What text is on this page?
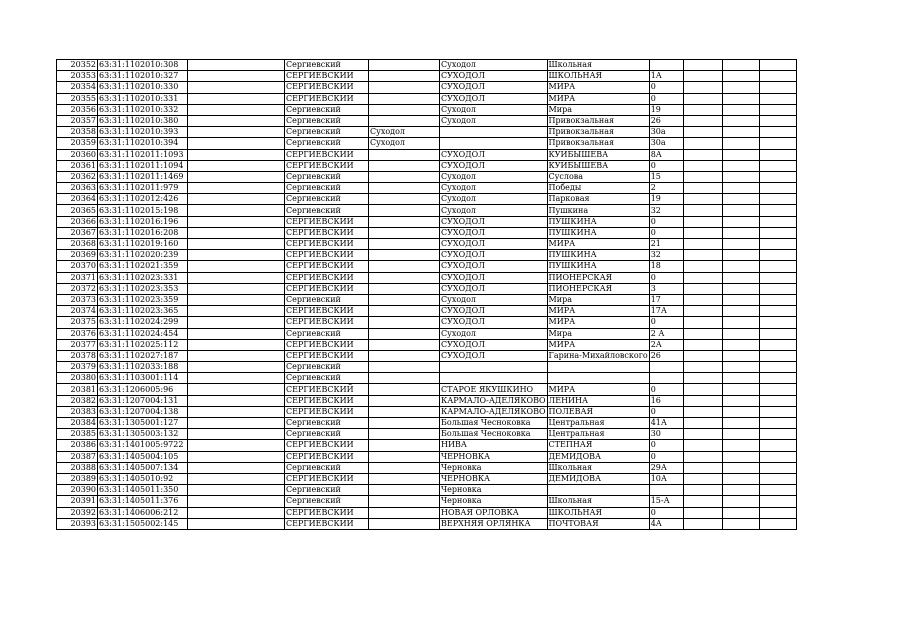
20352	63:31:1102010:308		Сергиевский		Суходол	Школьная				
20353	63:31:1102010:327		СЕРГИЕВСКИЙ		СУХОДОЛ	ШКОЛЬНАЯ	1А			
20354	63:31:1102010:330		СЕРГИЕВСКИЙ		СУХОДОЛ	МИРА	0			
20355	63:31:1102010:331		СЕРГИЕВСКИЙ		СУХОДОЛ	МИРА	0			
20356	63:31:1102010:332		Сергиевский		Суходол	Мира	19			
20357	63:31:1102010:380		Сергиевский		Суходол	Привокзальная	26			
20358	63:31:1102010:393		Сергиевский	Суходол		Привокзальная	30а			
20359	63:31:1102010:394		Сергиевский	Суходол		Привокзальная	30а			
20360	63:31:1102011:1093		СЕРГИЕВСКИЙ		СУХОДОЛ	КУЙБЫШЕВА	8А			
20361	63:31:1102011:1094		СЕРГИЕВСКИЙ		СУХОДОЛ	КУЙБЫШЕВА	0			
20362	63:31:1102011:1469		Сергиевский		Суходол	Суслова	15			
20363	63:31:1102011:979		Сергиевский		Суходол	Победы	2			
20364	63:31:1102012:426		Сергиевский		Суходол	Парковая	19			
20365	63:31:1102015:198		Сергиевский		Суходол	Пушкина	32			
20366	63:31:1102016:196		СЕРГИЕВСКИЙ		СУХОДОЛ	ПУШКИНА	0			
20367	63:31:1102016:208		СЕРГИЕВСКИЙ		СУХОДОЛ	ПУШКИНА	0			
20368	63:31:1102019:160		СЕРГИЕВСКИЙ		СУХОДОЛ	МИРА	21			
20369	63:31:1102020:239		СЕРГИЕВСКИЙ		СУХОДОЛ	ПУШКИНА	32			
20370	63:31:1102021:359		СЕРГИЕВСКИЙ		СУХОДОЛ	ПУШКИНА	18			
20371	63:31:1102023:331		СЕРГИЕВСКИЙ		СУХОДОЛ	ПИОНЕРСКАЯ	0			
20372	63:31:1102023:353		СЕРГИЕВСКИЙ		СУХОДОЛ	ПИОНЕРСКАЯ	3			
20373	63:31:1102023:359		Сергиевский		Суходол	Мира	17			
20374	63:31:1102023:365		СЕРГИЕВСКИЙ		СУХОДОЛ	МИРА	17А			
20375	63:31:1102024:299		СЕРГИЕВСКИЙ		СУХОДОЛ	МИРА	0			
20376	63:31:1102024:454		Сергиевский		Суходол	Мира	2 А			
20377	63:31:1102025:112		СЕРГИЕВСКИЙ		СУХОДОЛ	МИРА	2А			
20378	63:31:1102027:187		СЕРГИЕВСКИЙ		СУХОДОЛ	Гарина-Михайловского	26			
20379	63:31:1102033:188		Сергиевский							
20380	63:31:1103001:114		Сергиевский							
20381	63:31:1206005:96		СЕРГИЕВСКИЙ		СТАРОЕ ЯКУШКИНО	МИРА	0			
20382	63:31:1207004:131		СЕРГИЕВСКИЙ		КАРМАЛО-АДЕЛЯКОВО	ЛЕНИНА	16			
20383	63:31:1207004:138		СЕРГИЕВСКИЙ		КАРМАЛО-АДЕЛЯКОВО	ПОЛЕВАЯ	0			
20384	63:31:1305001:127		Сергиевский		Большая Чесноковка	Центральная	41А			
20385	63:31:1305003:132		Сергиевский		Большая Чесноковка	Центральная	30			
20386	63:31:1401005:9722		СЕРГИЕВСКИЙ		НИВА	СТЕПНАЯ	0			
20387	63:31:1405004:105		СЕРГИЕВСКИЙ		ЧЕРНОВКА	ДЕМИДОВА	0			
20388	63:31:1405007:134		Сергиевский		Черновка	Школьная	29А			
20389	63:31:1405010:92		СЕРГИЕВСКИЙ		ЧЕРНОВКА	ДЕМИДОВА	10А			
20390	63:31:1405011:350		Сергиевский		Черновка					
20391	63:31:1405011:376		Сергиевский		Черновка	Школьная	15-А			
20392	63:31:1406006:212		СЕРГИЕВСКИЙ		НОВАЯ ОРЛОВКА	ШКОЛЬНАЯ	0			
20393	63:31:1505002:145		СЕРГИЕВСКИЙ		ВЕРХНЯЯ ОРЛЯНКА	ПОЧТОВАЯ	4А			
